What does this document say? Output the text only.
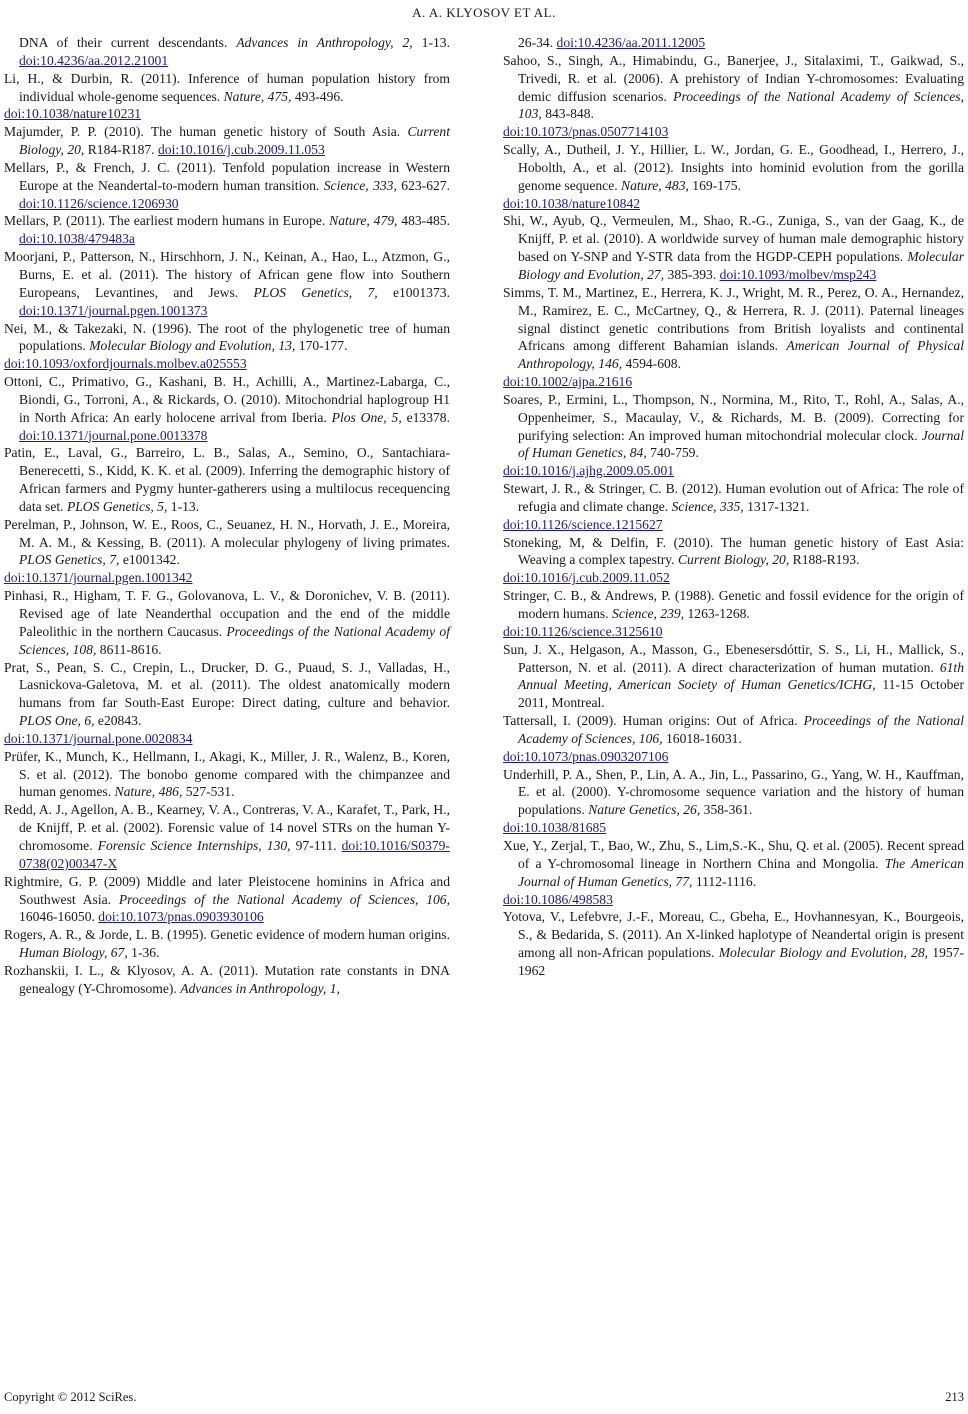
A. A. KLYOSOV ET AL.

DNA of their current descendants. Advances in Anthropology, 2, 1-13. doi:10.4236/aa.2012.21001

Li, H., & Durbin, R. (2011). Inference of human population history from individual whole-genome sequences. Nature, 475, 493-496.
doi:10.1038/nature10231

Majumder, P. P. (2010). The human genetic history of South Asia. Current Biology, 20, R184-R187. doi:10.1016/j.cub.2009.11.053

Mellars, P., & French, J. C. (2011). Tenfold population increase in Western Europe at the Neandertal-to-modern human transition. Science, 333, 623-627. doi:10.1126/science.1206930

Mellars, P. (2011). The earliest modern humans in Europe. Nature, 479, 483-485. doi:10.1038/479483a

Moorjani, P., Patterson, N., Hirschhorn, J. N., Keinan, A., Hao, L., Atzmon, G., Burns, E. et al. (2011). The history of African gene flow into Southern Europeans, Levantines, and Jews. PLOS Genetics, 7, e1001373. doi:10.1371/journal.pgen.1001373

Nei, M., & Takezaki, N. (1996). The root of the phylogenetic tree of human populations. Molecular Biology and Evolution, 13, 170-177.
doi:10.1093/oxfordjournals.molbev.a025553

Ottoni, C., Primativo, G., Kashani, B. H., Achilli, A., Martinez-Labarga, C., Biondi, G., Torroni, A., & Rickards, O. (2010). Mitochondrial haplogroup H1 in North Africa: An early holocene arrival from Iberia. Plos One, 5, e13378. doi:10.1371/journal.pone.0013378

Patin, E., Laval, G., Barreiro, L. B., Salas, A., Semino, O., Santachiara-Benerecetti, S., Kidd, K. K. et al. (2009). Inferring the demographic history of African farmers and Pygmy hunter-gatherers using a multilocus recequencing data set. PLOS Genetics, 5, 1-13.

Perelman, P., Johnson, W. E., Roos, C., Seuanez, H. N., Horvath, J. E., Moreira, M. A. M., & Kessing, B. (2011). A molecular phylogeny of living primates. PLOS Genetics, 7, e1001342.
doi:10.1371/journal.pgen.1001342

Pinhasi, R., Higham, T. F. G., Golovanova, L. V., & Doronichev, V. B. (2011). Revised age of late Neanderthal occupation and the end of the middle Paleolithic in the northern Caucasus. Proceedings of the National Academy of Sciences, 108, 8611-8616.

Prat, S., Pean, S. C., Crepin, L., Drucker, D. G., Puaud, S. J., Valladas, H., Lasnickova-Galetova, M. et al. (2011). The oldest anatomically modern humans from far South-East Europe: Direct dating, culture and behavior. PLOS One, 6, e20843.
doi:10.1371/journal.pone.0020834

Prüfer, K., Munch, K., Hellmann, I., Akagi, K., Miller, J. R., Walenz, B., Koren, S. et al. (2012). The bonobo genome compared with the chimpanzee and human genomes. Nature, 486, 527-531.

Redd, A. J., Agellon, A. B., Kearney, V. A., Contreras, V. A., Karafet, T., Park, H., de Knijff, P. et al. (2002). Forensic value of 14 novel STRs on the human Y-chromosome. Forensic Science Internships, 130, 97-111. doi:10.1016/S0379-0738(02)00347-X

Rightmire, G. P. (2009) Middle and later Pleistocene hominins in Africa and Southwest Asia. Proceedings of the National Academy of Sciences, 106, 16046-16050. doi:10.1073/pnas.0903930106

Rogers, A. R., & Jorde, L. B. (1995). Genetic evidence of modern human origins. Human Biology, 67, 1-36.

Rozhanskii, I. L., & Klyosov, A. A. (2011). Mutation rate constants in DNA genealogy (Y-Chromosome). Advances in Anthropology, 1,

26-34. doi:10.4236/aa.2011.12005

Sahoo, S., Singh, A., Himabindu, G., Banerjee, J., Sitalaximi, T., Gaikwad, S., Trivedi, R. et al. (2006). A prehistory of Indian Y-chromosomes: Evaluating demic diffusion scenarios. Proceedings of the National Academy of Sciences, 103, 843-848.
doi:10.1073/pnas.0507714103

Scally, A., Dutheil, J. Y., Hillier, L. W., Jordan, G. E., Goodhead, I., Herrero, J., Hobolth, A., et al. (2012). Insights into hominid evolution from the gorilla genome sequence. Nature, 483, 169-175.
doi:10.1038/nature10842

Shi, W., Ayub, Q., Vermeulen, M., Shao, R.-G., Zuniga, S., van der Gaag, K., de Knijff, P. et al. (2010). A worldwide survey of human male demographic history based on Y-SNP and Y-STR data from the HGDP-CEPH populations. Molecular Biology and Evolution, 27, 385-393. doi:10.1093/molbev/msp243

Simms, T. M., Martinez, E., Herrera, K. J., Wright, M. R., Perez, O. A., Hernandez, M., Ramirez, E. C., McCartney, Q., & Herrera, R. J. (2011). Paternal lineages signal distinct genetic contributions from British loyalists and continental Africans among different Bahamian islands. American Journal of Physical Anthropology, 146, 4594-608.
doi:10.1002/ajpa.21616

Soares, P., Ermini, L., Thompson, N., Normina, M., Rito, T., Rohl, A., Salas, A., Oppenheimer, S., Macaulay, V., & Richards, M. B. (2009). Correcting for purifying selection: An improved human mitochondrial molecular clock. Journal of Human Genetics, 84, 740-759.
doi:10.1016/j.ajhg.2009.05.001

Stewart, J. R., & Stringer, C. B. (2012). Human evolution out of Africa: The role of refugia and climate change. Science, 335, 1317-1321.
doi:10.1126/science.1215627

Stoneking, M, & Delfin, F. (2010). The human genetic history of East Asia: Weaving a complex tapestry. Current Biology, 20, R188-R193.
doi:10.1016/j.cub.2009.11.052

Stringer, C. B., & Andrews, P. (1988). Genetic and fossil evidence for the origin of modern humans. Science, 239, 1263-1268.
doi:10.1126/science.3125610

Sun, J. X., Helgason, A., Masson, G., Ebenesersdóttir, S. S., Li, H., Mallick, S., Patterson, N. et al. (2011). A direct characterization of human mutation. 61th Annual Meeting, American Society of Human Genetics/ICHG, 11-15 October 2011, Montreal.

Tattersall, I. (2009). Human origins: Out of Africa. Proceedings of the National Academy of Sciences, 106, 16018-16031.
doi:10.1073/pnas.0903207106

Underhill, P. A., Shen, P., Lin, A. A., Jin, L., Passarino, G., Yang, W. H., Kauffman, E. et al. (2000). Y-chromosome sequence variation and the history of human populations. Nature Genetics, 26, 358-361.
doi:10.1038/81685

Xue, Y., Zerjal, T., Bao, W., Zhu, S., Lim,S.-K., Shu, Q. et al. (2005). Recent spread of a Y-chromosomal lineage in Northern China and Mongolia. The American Journal of Human Genetics, 77, 1112-1116.
doi:10.1086/498583

Yotova, V., Lefebvre, J.-F., Moreau, C., Gbeha, E., Hovhannesyan, K., Bourgeois, S., & Bedarida, S. (2011). An X-linked haplotype of Neandertal origin is present among all non-African populations. Molecular Biology and Evolution, 28, 1957-1962

Copyright © 2012 SciRes.	213
